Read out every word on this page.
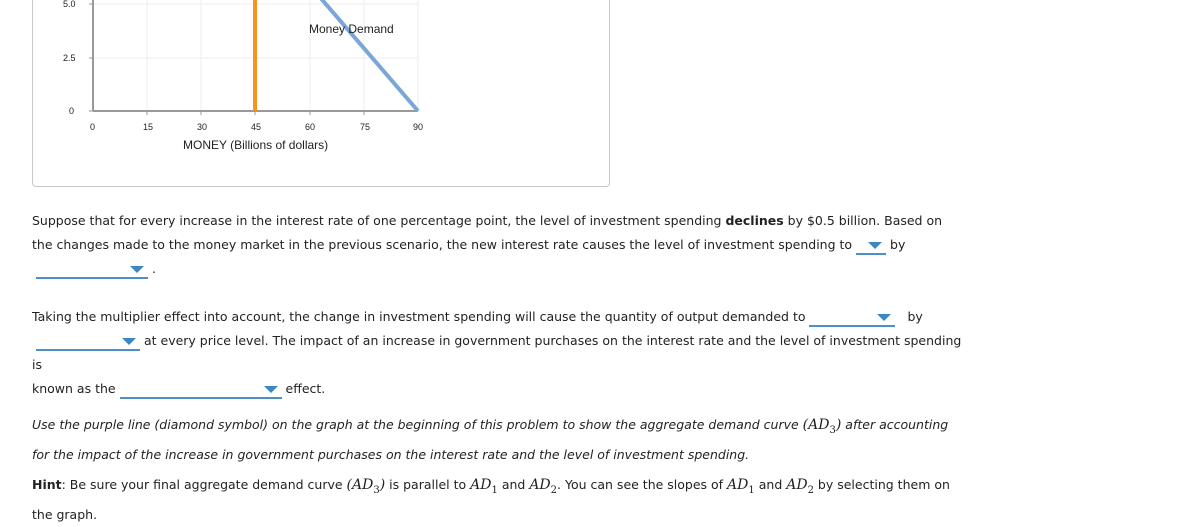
5.0
2.5
0
0	15	30	45	60	75	90
MONEY (Billions of dollars)
Money Demand
Suppose that for every increase in the interest rate of one percentage point, the level of investment spending declines by $0.5 billion. Based on the changes made to the money market in the previous scenario, the new interest rate causes the level of investment spending to
by

.
Taking the multiplier effect into account, the change in investment spending will cause the quantity of output demanded to	by

at every price level. The impact of an increase in government purchases on the interest rate and the level of investment spending is
known as the	effect.
Use the purple line (diamond symbol) on the graph at the beginning of this problem to show the aggregate demand curve $(AD_3)$ after accounting for the impact of the increase in government purchases on the interest rate and the level of investment spending.
Hint: Be sure your final aggregate demand curve $(AD_3)$ is parallel to $AD_1$ and $AD_2$. You can see the slopes of $AD_1$ and $AD_2$ by selecting them on the graph.
